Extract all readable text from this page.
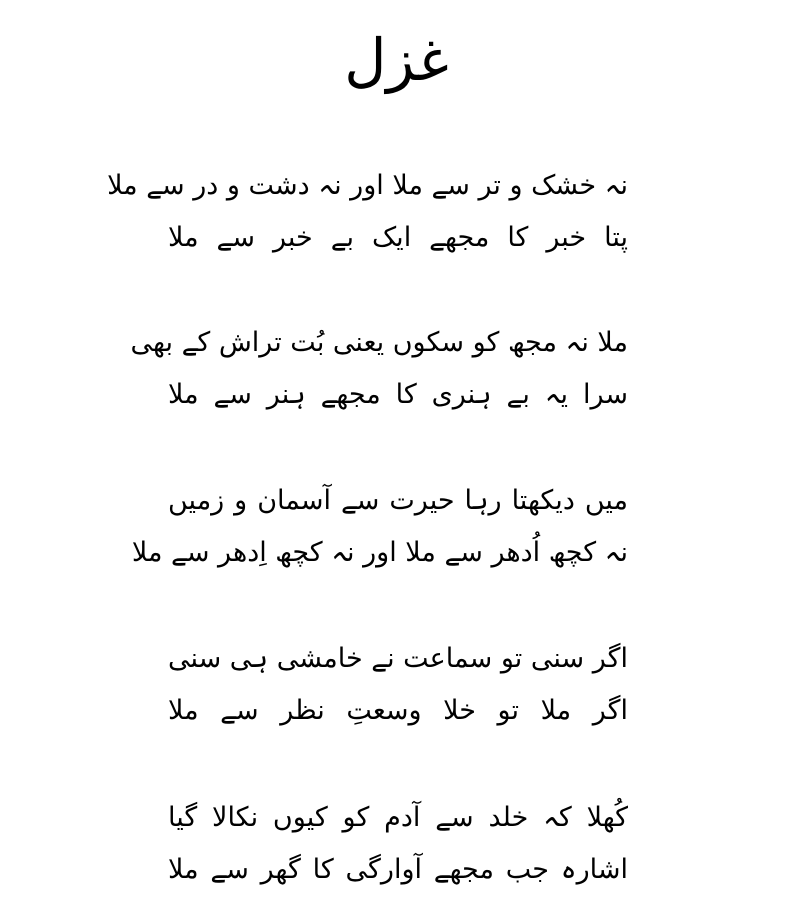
غزل
نہ خشک و تر سے ملا اور نہ دشت و در سے ملا
پتا خبر کا مجھے ایک بے خبر سے ملا
ملا نہ مجھ کو سکوں یعنی بُت تراش کے بھی
سرا یہ بے ہنری کا مجھے ہنر سے ملا
میں دیکھتا رہا حیرت سے آسمان و زمیں
نہ کچھ اُدھر سے ملا اور نہ کچھ اِدھر سے ملا
اگر سنی تو سماعت نے خامشی ہی سنی
اگر ملا تو خلا وسعتِ نظر سے ملا
کُھلا کہ خلد سے آدم کو کیوں نکالا گیا
اشارہ جب مجھے آوارگی کا گھر سے ملا
